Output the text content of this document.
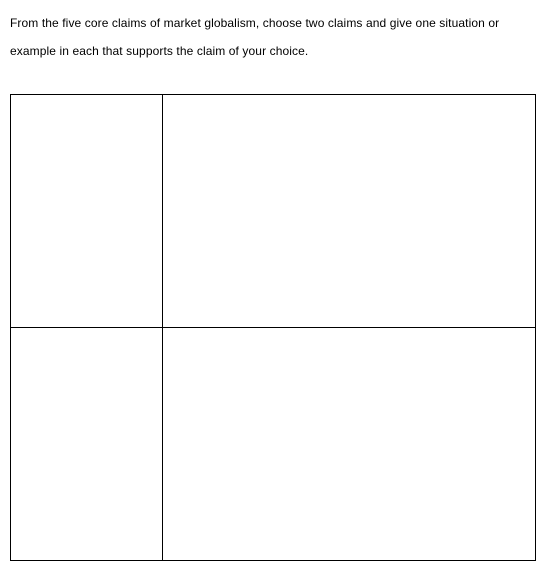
From the five core claims of market globalism, choose two claims and give one situation or
example in each that supports the claim of your choice.
